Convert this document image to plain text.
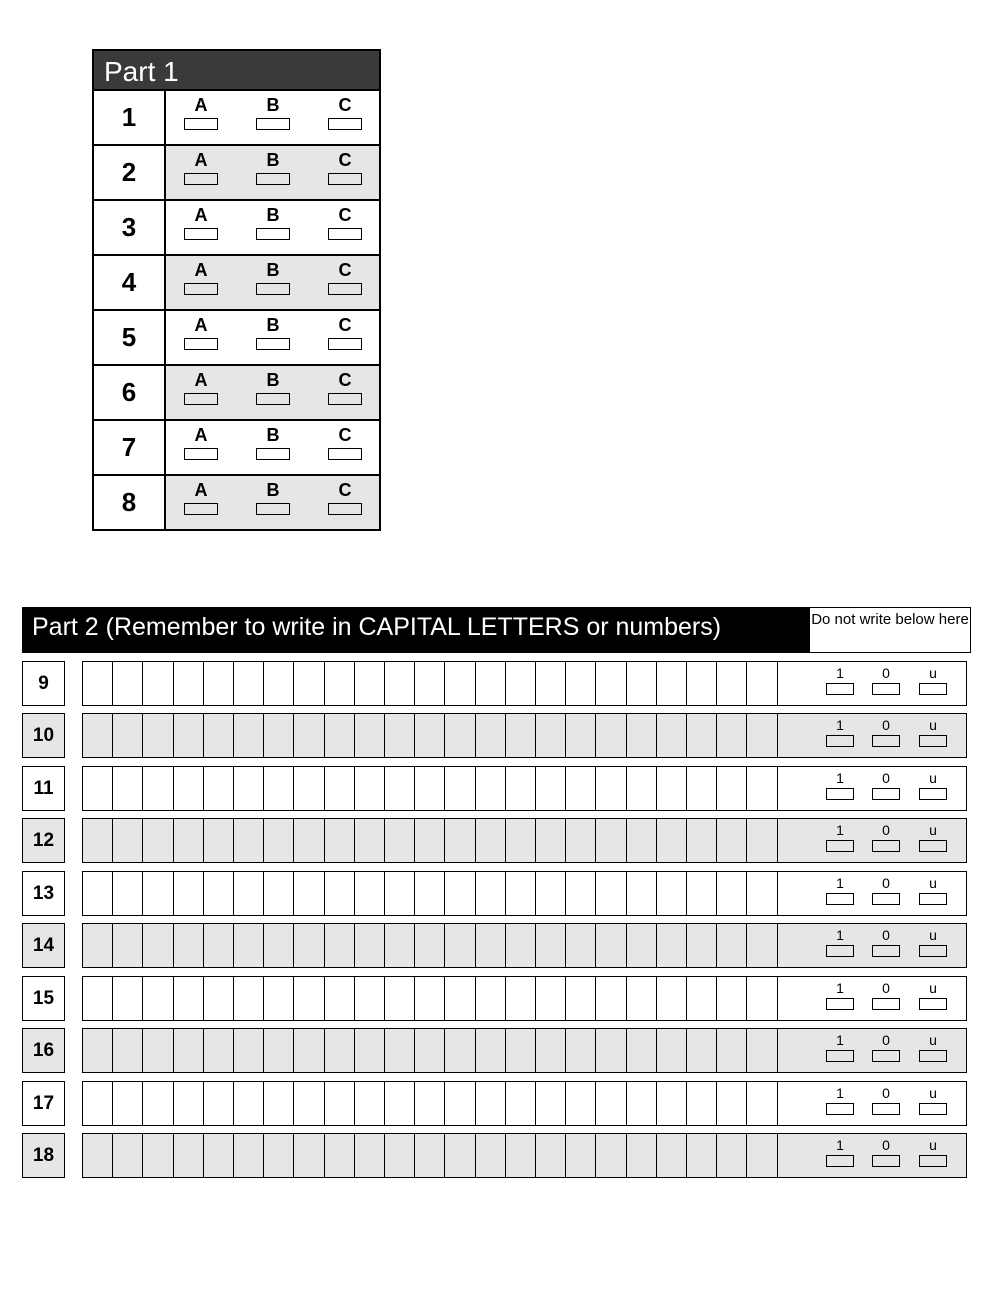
Part 1
1	A	B	C
2	A	B	C
3	A	B	C
4	A	B	C
5	A	B	C
6	A	B	C
7	A	B	C
8	A	B	C
Part 2 (Remember to write in CAPITAL LETTERS or numbers)	Do not write below here
9	1	0	u
10	1	0	u
11	1	0	u
12	1	0	u
13	1	0	u
14	1	0	u
15	1	0	u
16	1	0	u
17	1	0	u
18	1	0	u
